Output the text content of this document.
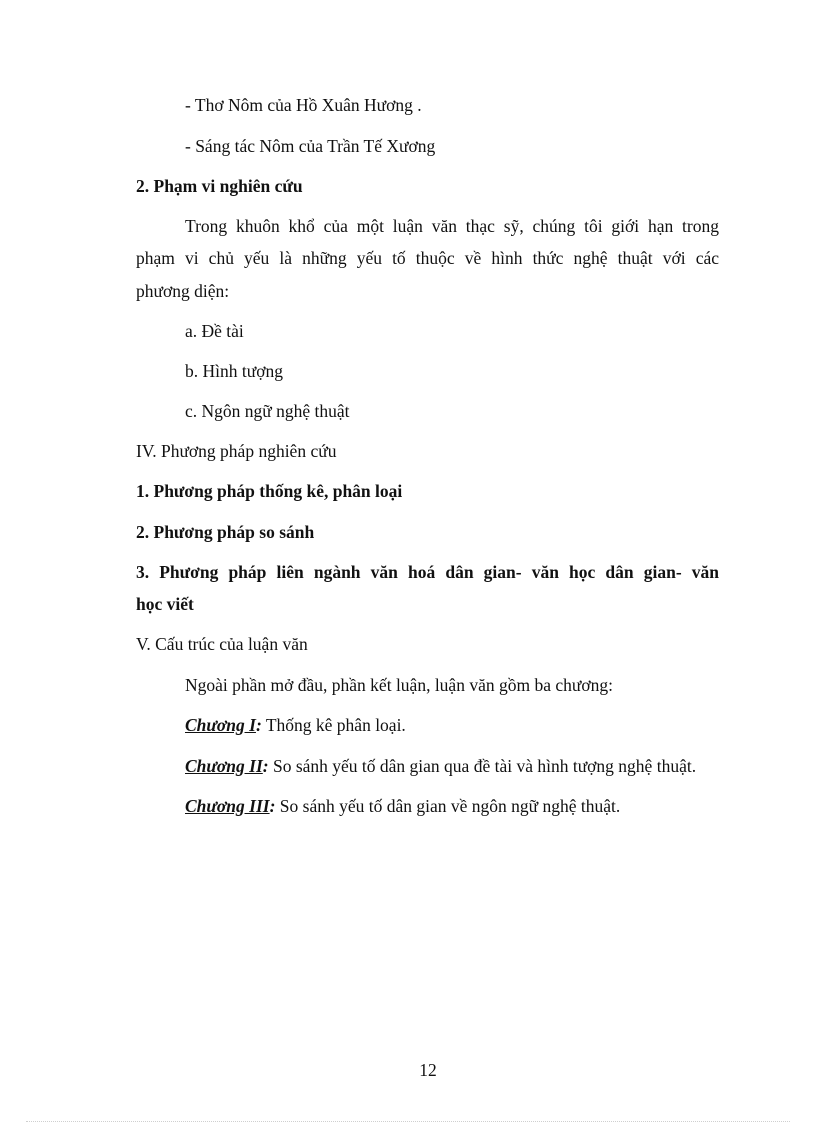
- Thơ Nôm của Hồ Xuân Hương .
- Sáng tác Nôm của Trần Tế Xương
2. Phạm vi nghiên cứu
Trong khuôn khổ của một luận văn thạc sỹ, chúng tôi giới hạn trong
phạm vi chủ yếu là những yếu tố thuộc về hình thức nghệ thuật với các
phương diện:
a. Đề tài
b. Hình tượng
c. Ngôn ngữ nghệ thuật
IV. Phương pháp nghiên cứu
1. Phương pháp thống kê, phân loại
2. Phương pháp so sánh
3. Phương pháp liên ngành văn hoá dân gian- văn học dân gian- văn
học viết
V. Cấu trúc của luận văn
Ngoài phần mở đầu, phần kết luận, luận văn gồm ba chương:
Chương I: Thống kê phân loại.
Chương II: So sánh yếu tố dân gian qua đề tài và hình tượng nghệ thuật.
Chương III: So sánh yếu tố dân gian về ngôn ngữ nghệ thuật.
12
